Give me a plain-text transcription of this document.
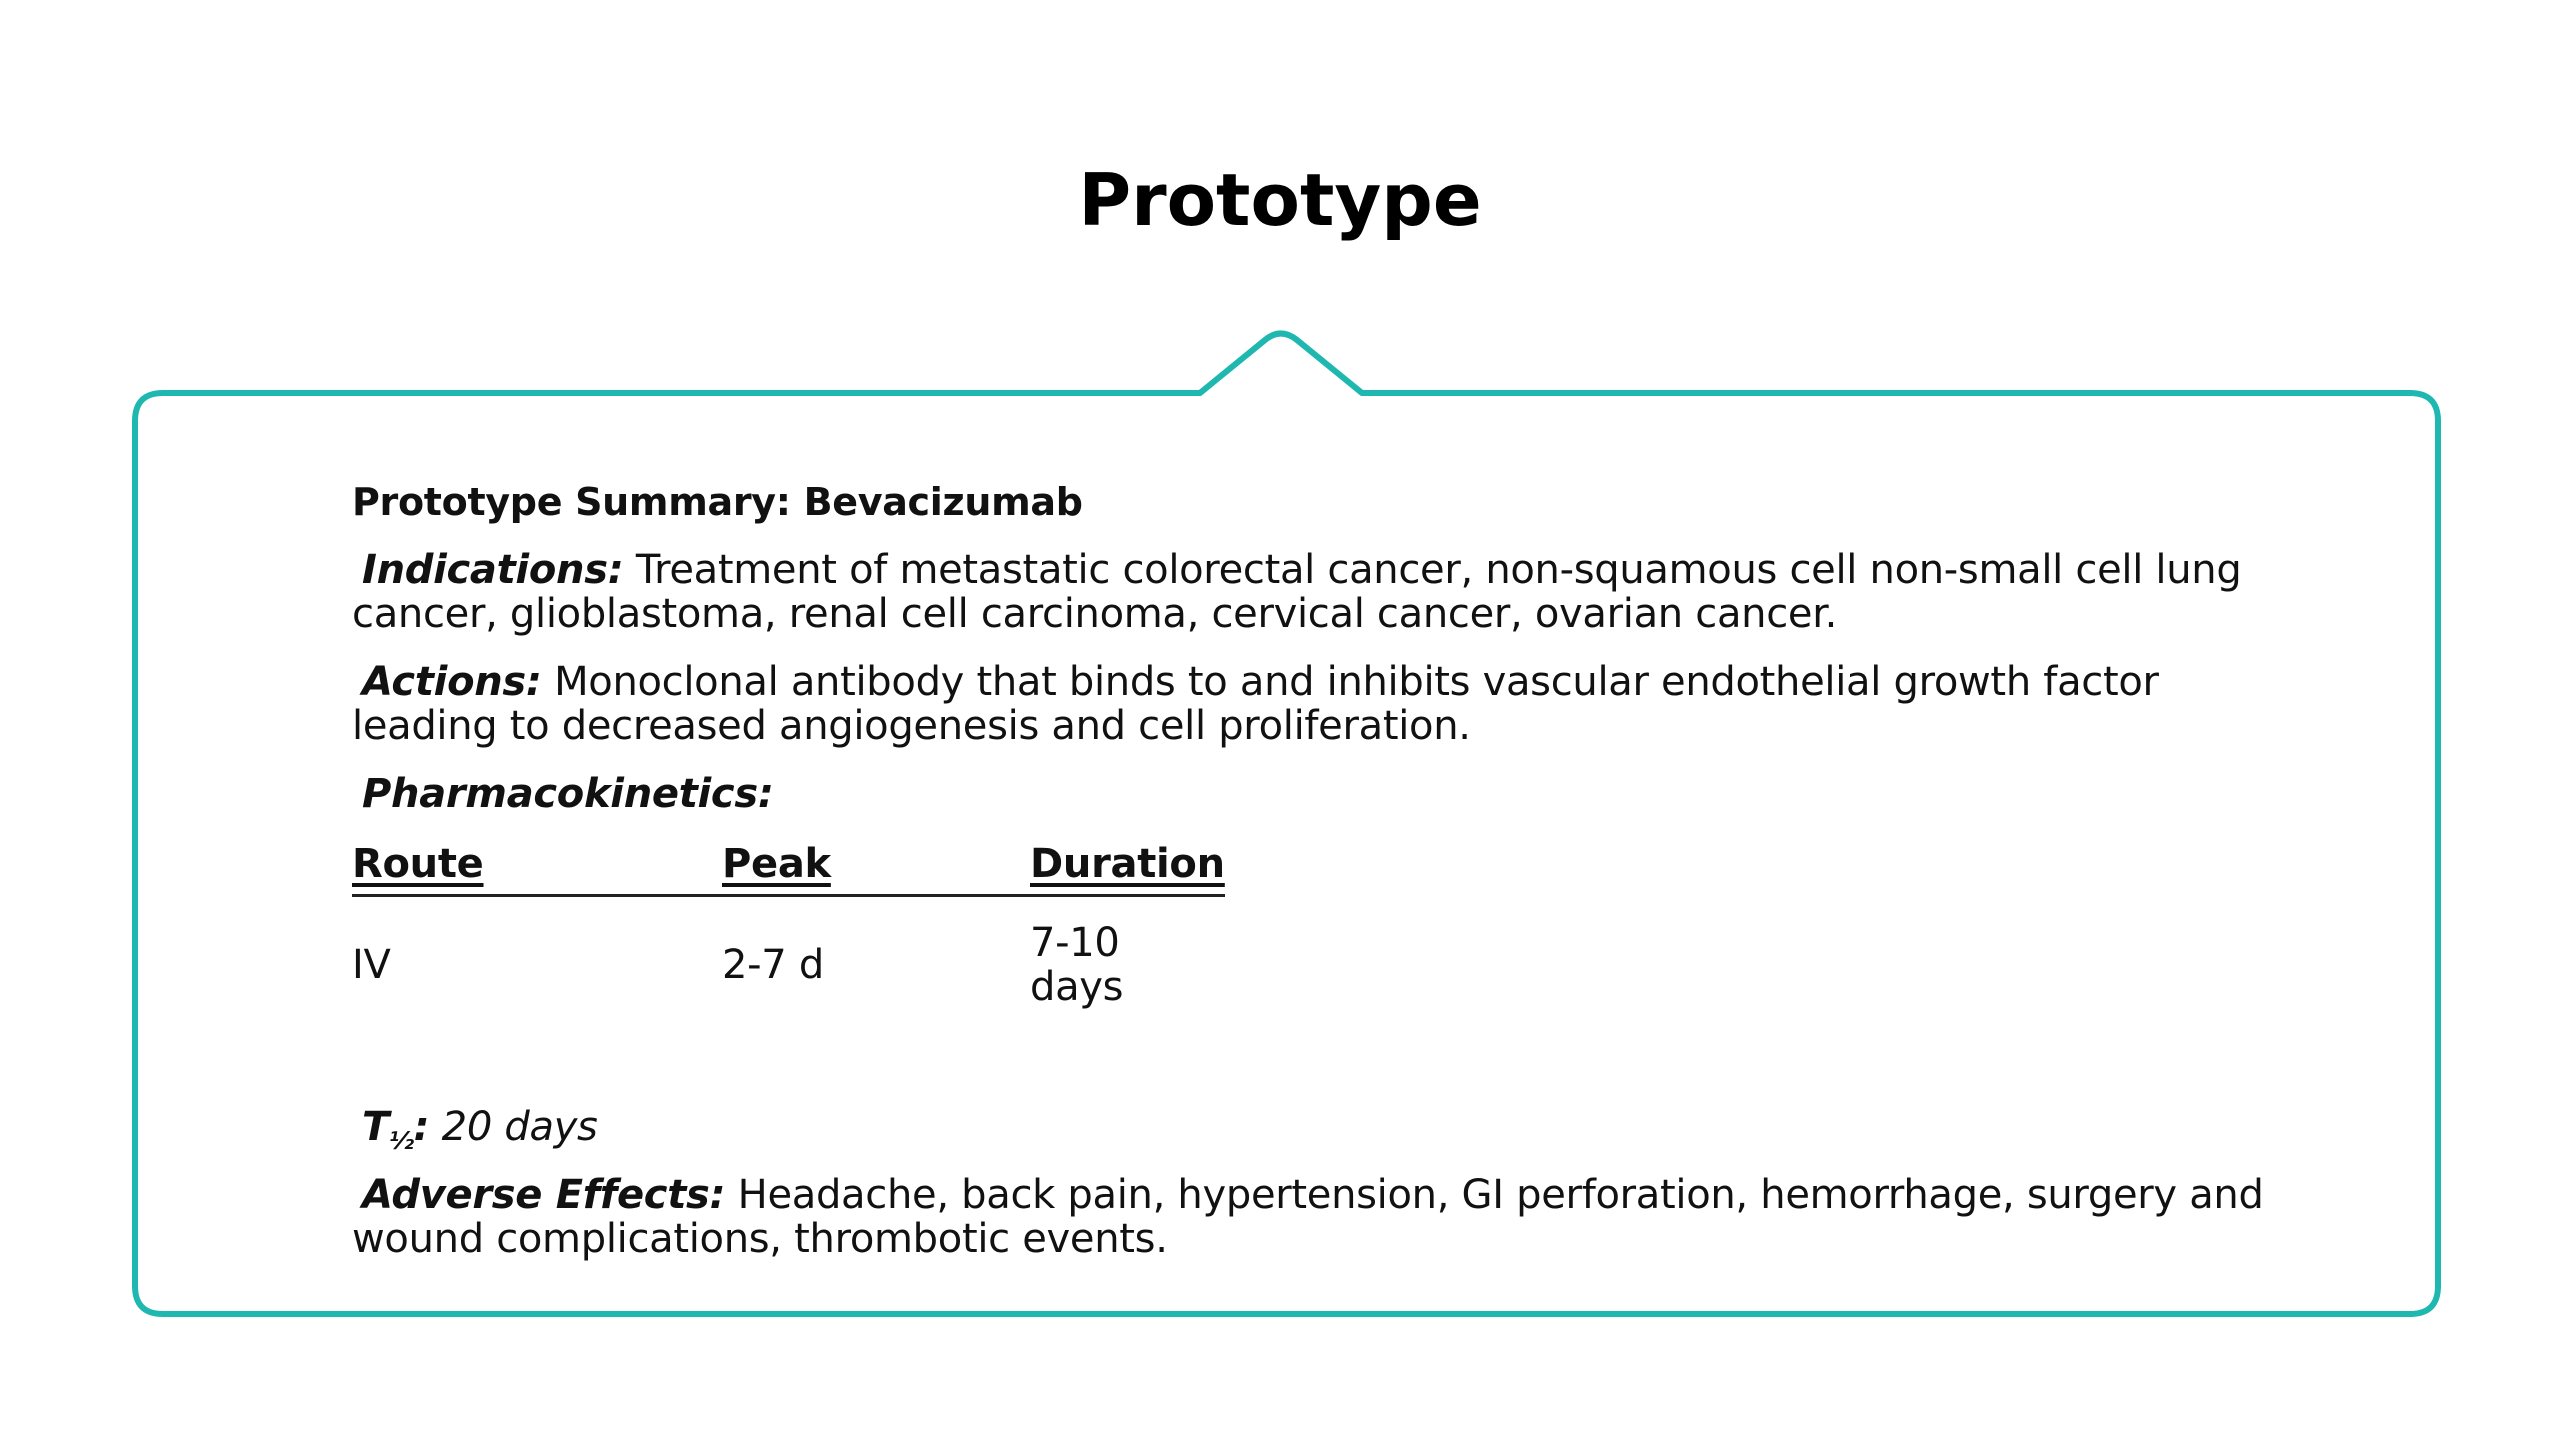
Prototype
Prototype Summary: Bevacizumab
Indications: Treatment of metastatic colorectal cancer, non-squamous cell non-small cell lung cancer, glioblastoma, renal cell carcinoma, cervical cancer, ovarian cancer.
Actions: Monoclonal antibody that binds to and inhibits vascular endothelial growth factor leading to decreased angiogenesis and cell proliferation.
Pharmacokinetics:
Route	Peak	Duration
IV	2-7 d	7-10 days
$T_{\frac{1}{2}}$: 20 days
Adverse Effects: Headache, back pain, hypertension, GI perforation, hemorrhage, surgery and wound complications, thrombotic events.
